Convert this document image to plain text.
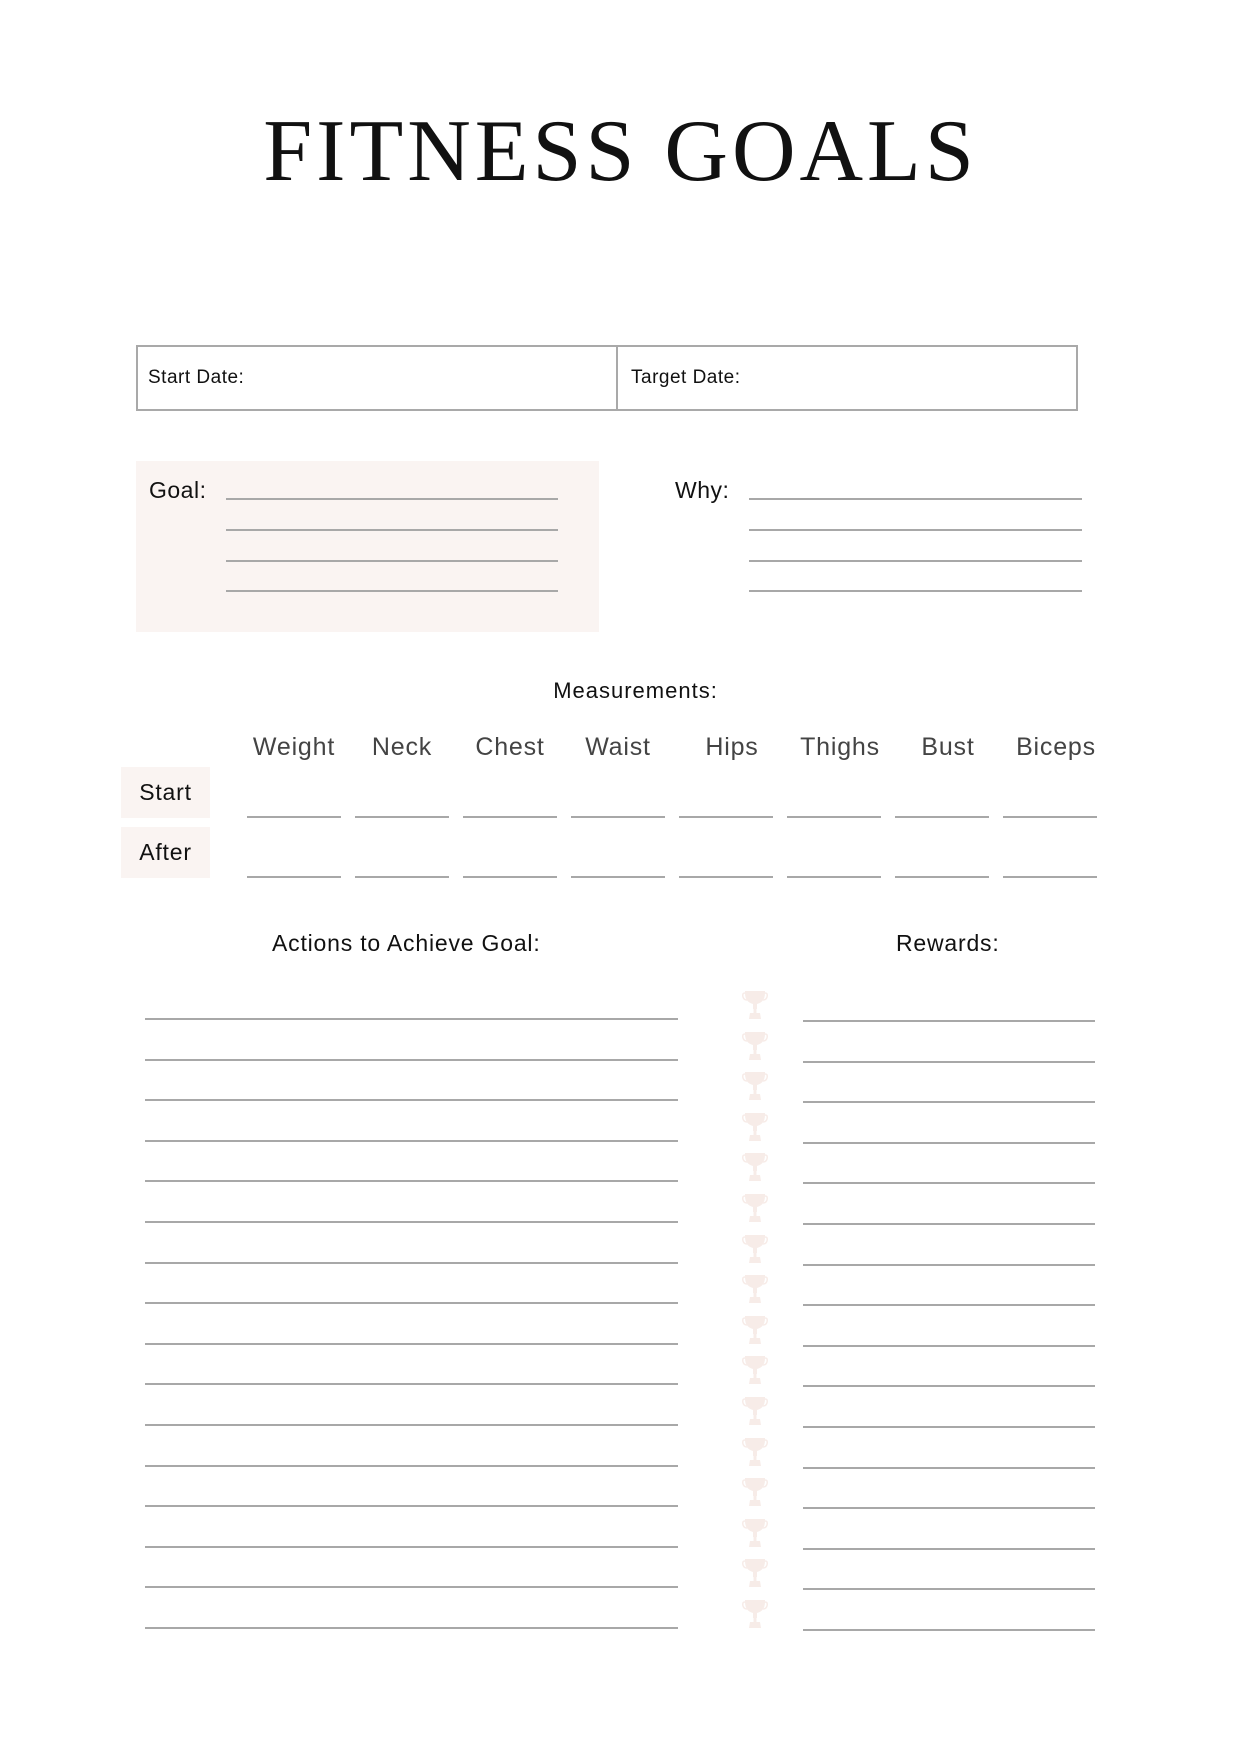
FITNESS GOALS
Start Date:	Target Date:
Goal:	Why:
Measurements:
Weight	Neck	Chest	Waist	Hips	Thighs	Bust	Biceps
Start
After
Actions to Achieve Goal:	Rewards:
